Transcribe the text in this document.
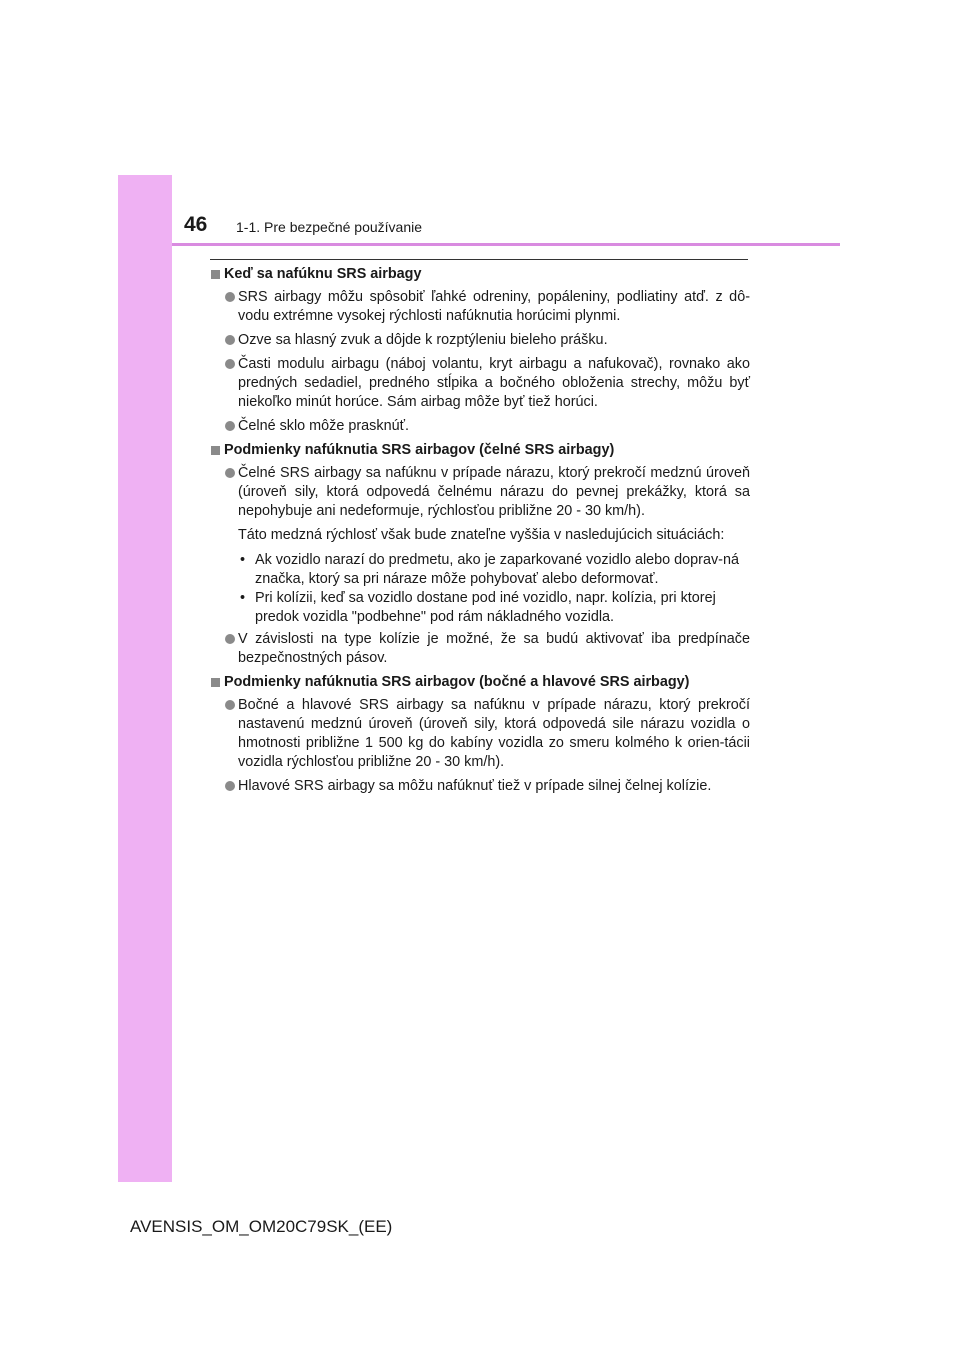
46 1-1. Pre bezpečné používanie

Keď sa nafúknu SRS airbagy

SRS airbagy môžu spôsobiť ľahké odreniny, popáleniny, podliatiny atď. z dô-vodu extrémne vysokej rýchlosti nafúknutia horúcimi plynmi.

Ozve sa hlasný zvuk a dôjde k rozptýleniu bieleho prášku.

Časti modulu airbagu (náboj volantu, kryt airbagu a nafukovač), rovnako ako predných sedadiel, predného stĺpika a bočného obloženia strechy, môžu byť niekoľko minút horúce. Sám airbag môže byť tiež horúci.

Čelné sklo môže prasknúť.

Podmienky nafúknutia SRS airbagov (čelné SRS airbagy)

Čelné SRS airbagy sa nafúknu v prípade nárazu, ktorý prekročí medznú úroveň (úroveň sily, ktorá odpovedá čelnému nárazu do pevnej prekážky, ktorá sa nepohybuje ani nedeformuje, rýchlosťou približne 20 - 30 km/h).

Táto medzná rýchlosť však bude znateľne vyššia v nasledujúcich situáciách:

• Ak vozidlo narazí do predmetu, ako je zaparkované vozidlo alebo doprav-ná značka, ktorý sa pri náraze môže pohybovať alebo deformovať.

• Pri kolízii, keď sa vozidlo dostane pod iné vozidlo, napr. kolízia, pri ktorej predok vozidla "podbehne" pod rám nákladného vozidla.

V závislosti na type kolízie je možné, že sa budú aktivovať iba predpínače bezpečnostných pásov.

Podmienky nafúknutia SRS airbagov (bočné a hlavové SRS airbagy)

Bočné a hlavové SRS airbagy sa nafúknu v prípade nárazu, ktorý prekročí nastavenú medznú úroveň (úroveň sily, ktorá odpovedá sile nárazu vozidla o hmotnosti približne 1 500 kg do kabíny vozidla zo smeru kolmého k orien-tácii vozidla rýchlosťou približne 20 - 30 km/h).

Hlavové SRS airbagy sa môžu nafúknuť tiež v prípade silnej čelnej kolízie.

AVENSIS_OM_OM20C79SK_(EE)
